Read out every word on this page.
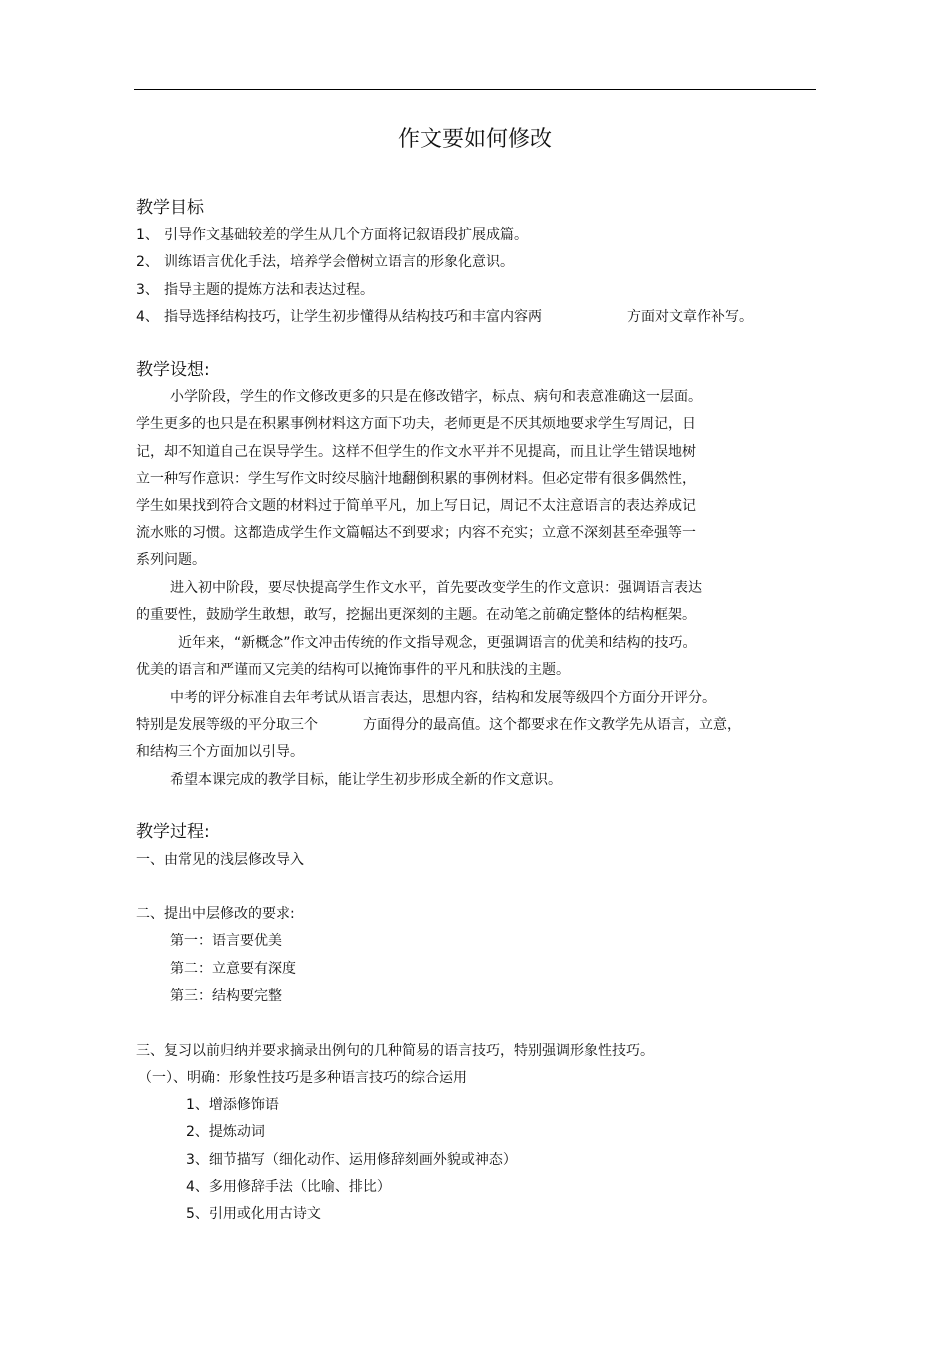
作文要如何修改
教学目标
1、 引导作文基础较差的学生从几个方面将记叙语段扩展成篇。
2、 训练语言优化手法，培养学会僧树立语言的形象化意识。
3、 指导主题的提炼方法和表达过程。
4、 指导选择结构技巧，让学生初步懂得从结构技巧和丰富内容两	方面对文章作补写。
教学设想:
小学阶段，学生的作文修改更多的只是在修改错字，标点、病句和表意准确这一层面。
学生更多的也只是在积累事例材料这方面下功夫，老师更是不厌其烦地要求学生写周记，日
记，却不知道自己在误导学生。这样不但学生的作文水平并不见提高，而且让学生错误地树
立一种写作意识：学生写作文时绞尽脑汁地翻倒积累的事例材料。但必定带有很多偶然性，
学生如果找到符合文题的材料过于简单平凡，加上写日记，周记不太注意语言的表达养成记
流水账的习惯。这都造成学生作文篇幅达不到要求；内容不充实；立意不深刻甚至牵强等一
系列问题。
进入初中阶段，要尽快提高学生作文水平，首先要改变学生的作文意识：强调语言表达
的重要性，鼓励学生敢想，敢写，挖掘出更深刻的主题。在动笔之前确定整体的结构框架。
近年来，“新概念”作文冲击传统的作文指导观念，更强调语言的优美和结构的技巧。
优美的语言和严谨而又完美的结构可以掩饰事件的平凡和肤浅的主题。
中考的评分标准自去年考试从语言表达，思想内容，结构和发展等级四个方面分开评分。
特别是发展等级的平分取三个	方面得分的最高值。这个都要求在作文教学先从语言，立意，
和结构三个方面加以引导。
希望本课完成的教学目标，能让学生初步形成全新的作文意识。
教学过程:
一、由常见的浅层修改导入
二、提出中层修改的要求:
第一：语言要优美
第二：立意要有深度
第三：结构要完整
三、复习以前归纳并要求摘录出例句的几种简易的语言技巧，特别强调形象性技巧。
（一）、明确：形象性技巧是多种语言技巧的综合运用
1、增添修饰语
2、提炼动词
3、细节描写（细化动作、运用修辞刻画外貌或神态）
4、多用修辞手法（比喻、排比）
5、引用或化用古诗文
